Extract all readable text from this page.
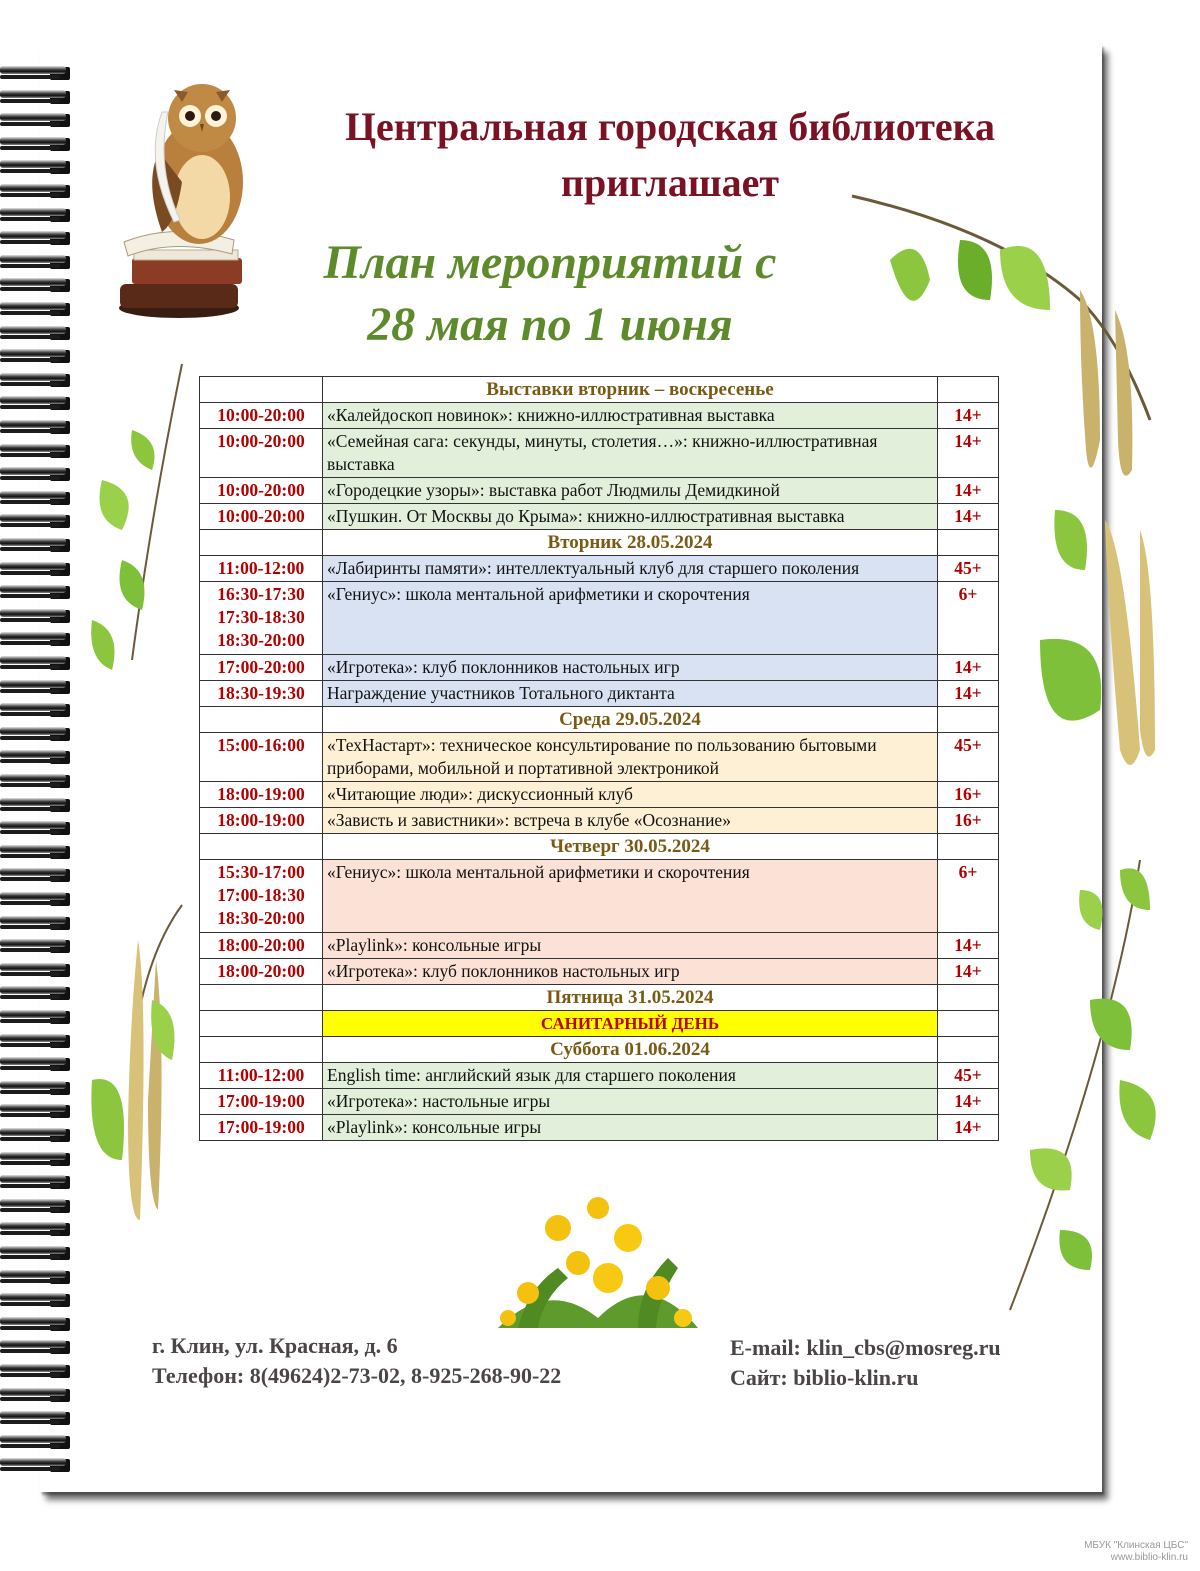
Центральная городская библиотека
приглашает
План мероприятий с
28 мая по 1 июня
	Выставки вторник – воскресенье	

10:00-20:00	«Калейдоскоп новинок»: книжно-иллюстративная выставка	14+

10:00-20:00	«Семейная сага: секунды, минуты, столетия…»: книжно-иллюстративная выставка	14+

10:00-20:00	«Городецкие узоры»: выставка работ Людмилы Демидкиной	14+

10:00-20:00	«Пушкин. От Москвы до Крыма»: книжно-иллюстративная выставка	14+
	Вторник 28.05.2024	

11:00-12:00	«Лабиринты памяти»: интеллектуальный клуб для старшего поколения	45+

16:30-17:30
17:30-18:30
18:30-20:00	«Гениус»: школа ментальной арифметики и скорочтения	6+

17:00-20:00	«Игротека»: клуб поклонников настольных игр	14+

18:30-19:30	Награждение участников Тотального диктанта	14+
	Среда 29.05.2024	

15:00-16:00	«ТехНастарт»: техническое консультирование по пользованию бытовыми приборами, мобильной и портативной электроникой	45+

18:00-19:00	«Читающие люди»: дискуссионный клуб	16+

18:00-19:00	«Зависть и завистники»: встреча в клубе «Осознание»	16+
	Четверг 30.05.2024	

15:30-17:00
17:00-18:30
18:30-20:00	«Гениус»: школа ментальной арифметики и скорочтения	6+

18:00-20:00	«Playlink»: консольные игры	14+

18:00-20:00	«Игротека»: клуб поклонников настольных игр	14+
	Пятница 31.05.2024	
	САНИТАРНЫЙ ДЕНЬ	
	Суббота 01.06.2024	

11:00-12:00	English time: английский язык для старшего поколения	45+

17:00-19:00	«Игротека»: настольные игры	14+

17:00-19:00	«Playlink»: консольные игры	14+
г. Клин, ул. Красная, д. 6
Телефон: 8(49624)2-73-02, 8-925-268-90-22
E-mail: klin_cbs@mosreg.ru
Сайт: biblio-klin.ru
МБУК "Клинская ЦБС"
www.biblio-klin.ru
